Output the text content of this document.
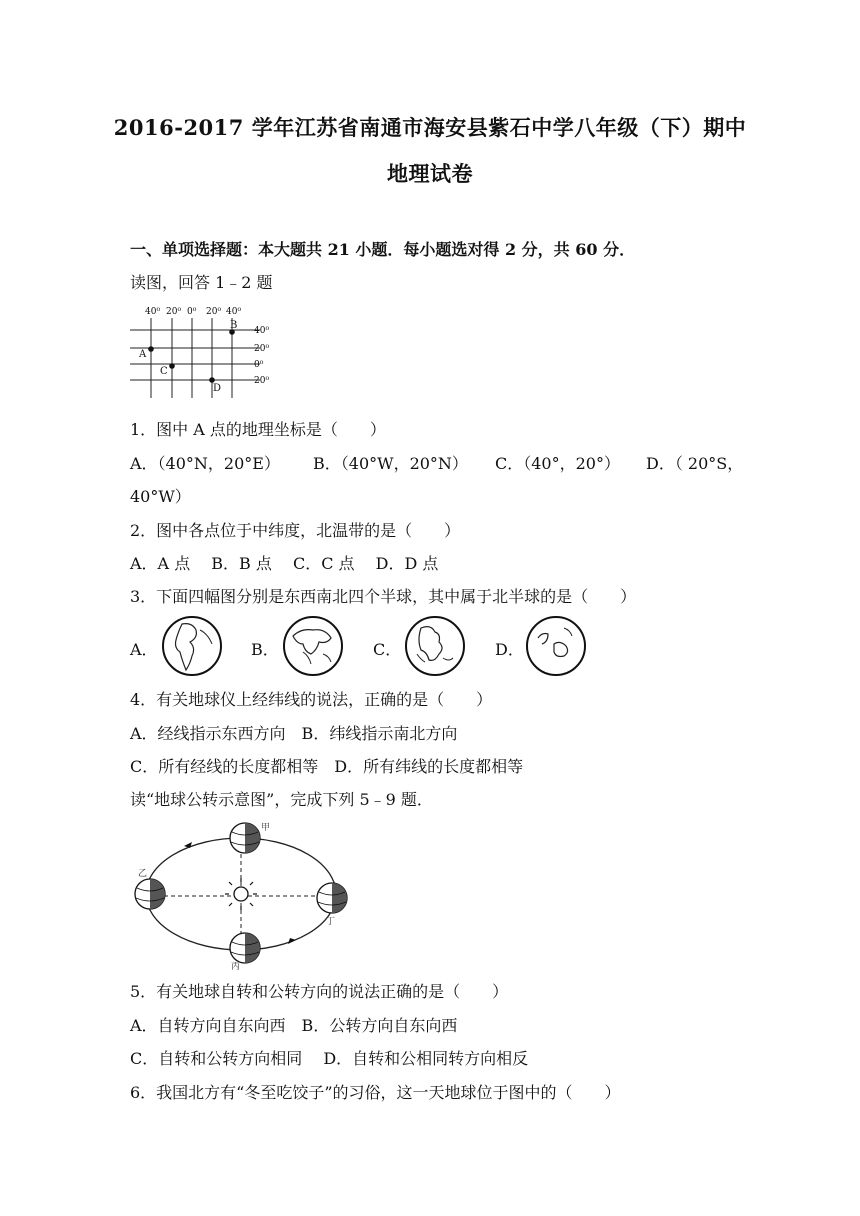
2016-2017 学年江苏省南通市海安县紫石中学八年级（下）期中
地理试卷
一、单项选择题：本大题共 21 小题．每小题选对得 2 分，共 60 分．
读图，回答 1﹣2 题
40⁰ 20⁰ 0⁰ 20⁰ 40⁰
40⁰
20⁰
0⁰
20⁰
A
B
C
D
1．图中 A 点的地理坐标是（　　）
A．（40°N，20°E） B．（40°W，20°N） C．（40°，20°） D．（ 20°S，
40°W）
2．图中各点位于中纬度，北温带的是（　　）
A．A 点　 B．B 点　 C．C 点　 D．D 点
3．下面四幅图分别是东西南北四个半球，其中属于北半球的是（　　）
A．	B．	C．	D．
4．有关地球仪上经纬线的说法，正确的是（　　）
A．经线指示东西方向　B．纬线指示南北方向
C．所有经线的长度都相等　D．所有纬线的长度都相等
读“地球公转示意图”，完成下列 5﹣9 题．
甲
乙
丙
丁
5．有关地球自转和公转方向的说法正确的是（　　）
A．自转方向自东向西　B．公转方向自东向西
C．自转和公转方向相同　 D．自转和公相同转方向相反
6．我国北方有“冬至吃饺子”的习俗，这一天地球位于图中的（　　）
